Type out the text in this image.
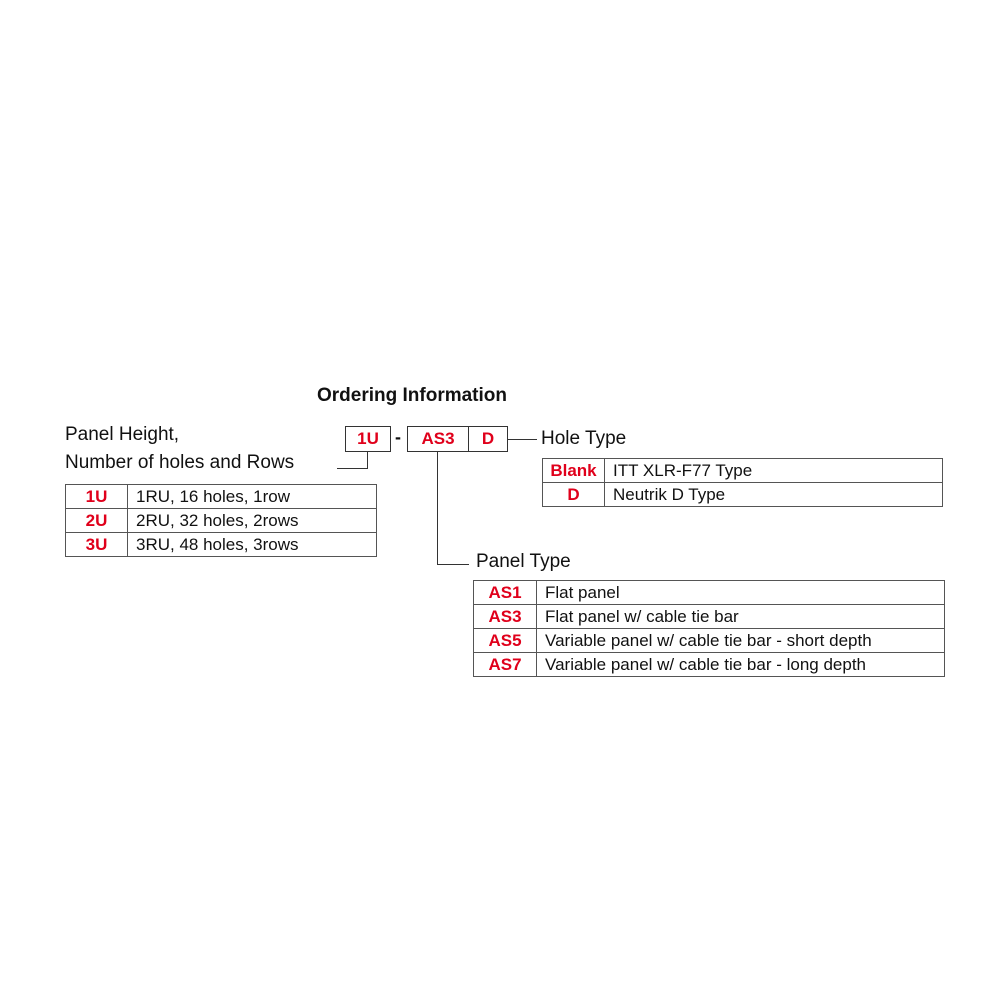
Ordering Information
1U -	AS3	D
Panel Height,
Number of holes and Rows
1U	1RU, 16 holes, 1row
2U	2RU, 32 holes, 2rows
3U	3RU, 48 holes, 3rows
Hole Type
Blank	ITT XLR-F77 Type
D	Neutrik D Type
Panel Type
AS1	Flat panel
AS3	Flat panel w/ cable tie bar
AS5	Variable panel w/ cable tie bar - short depth
AS7	Variable panel w/ cable tie bar - long depth
